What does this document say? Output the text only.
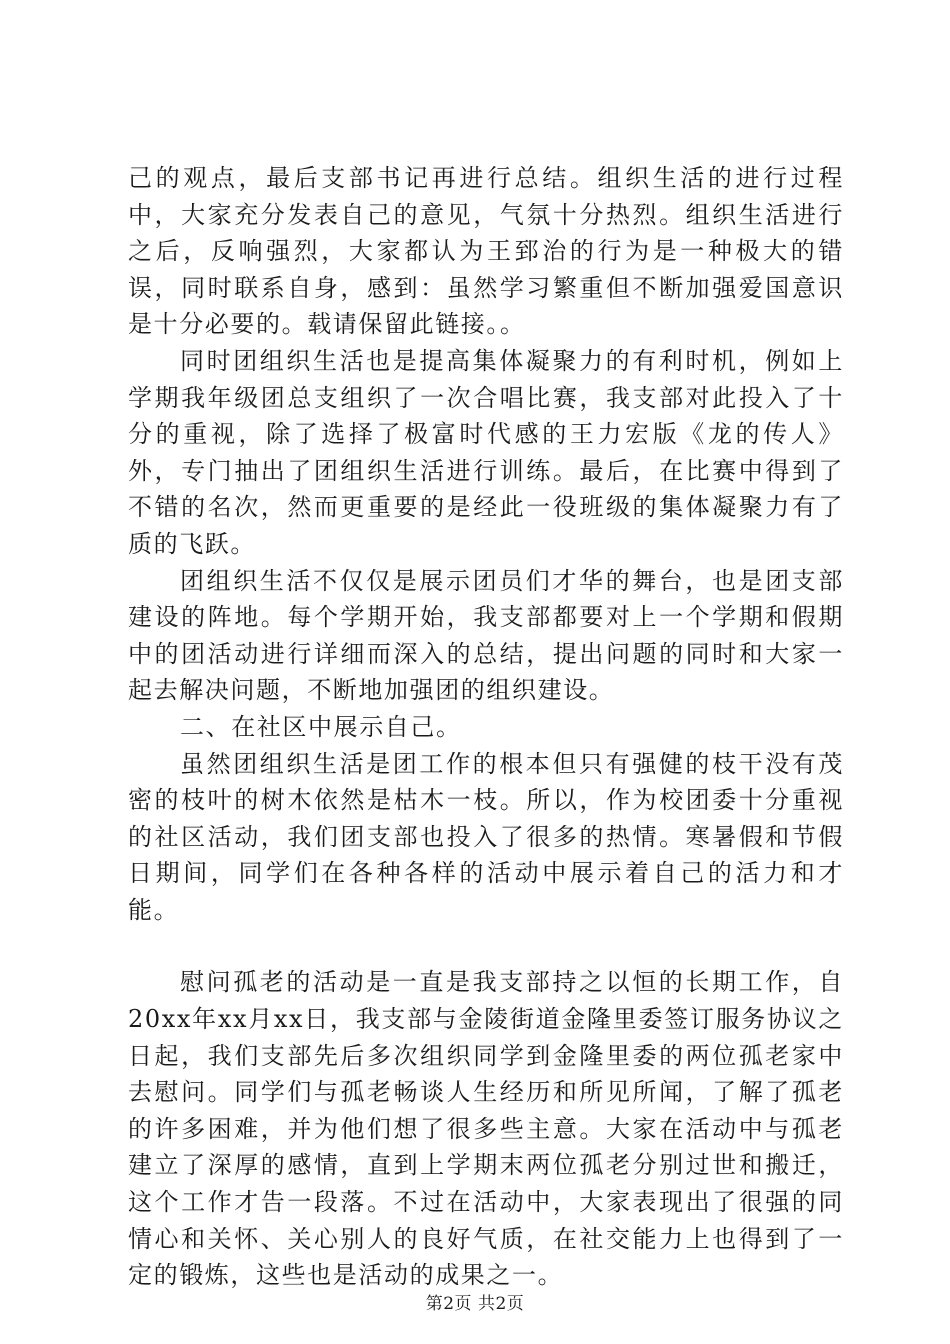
己的观点，最后支部书记再进行总结。组织生活的进行过程中，大家充分发表自己的意见，气氛十分热烈。组织生活进行之后，反响强烈，大家都认为王郅治的行为是一种极大的错误，同时联系自身，感到：虽然学习繁重但不断加强爱国意识是十分必要的。载请保留此链接。。

同时团组织生活也是提高集体凝聚力的有利时机，例如上学期我年级团总支组织了一次合唱比赛，我支部对此投入了十分的重视，除了选择了极富时代感的王力宏版《龙的传人》外，专门抽出了团组织生活进行训练。最后，在比赛中得到了不错的名次，然而更重要的是经此一役班级的集体凝聚力有了质的飞跃。

团组织生活不仅仅是展示团员们才华的舞台，也是团支部建设的阵地。每个学期开始，我支部都要对上一个学期和假期中的团活动进行详细而深入的总结，提出问题的同时和大家一起去解决问题，不断地加强团的组织建设。

二、在社区中展示自己。

虽然团组织生活是团工作的根本但只有强健的枝干没有茂密的枝叶的树木依然是枯木一枝。所以，作为校团委十分重视的社区活动，我们团支部也投入了很多的热情。寒暑假和节假日期间，同学们在各种各样的活动中展示着自己的活力和才能。

慰问孤老的活动是一直是我支部持之以恒的长期工作，自20xx年xx月xx日，我支部与金陵街道金隆里委签订服务协议之日起，我们支部先后多次组织同学到金隆里委的两位孤老家中去慰问。同学们与孤老畅谈人生经历和所见所闻，了解了孤老的许多困难，并为他们想了很多些主意。大家在活动中与孤老建立了深厚的感情，直到上学期末两位孤老分别过世和搬迁，这个工作才告一段落。不过在活动中，大家表现出了很强的同情心和关怀、关心别人的良好气质，在社交能力上也得到了一定的锻炼，这些也是活动的成果之一。

第2页 共2页
